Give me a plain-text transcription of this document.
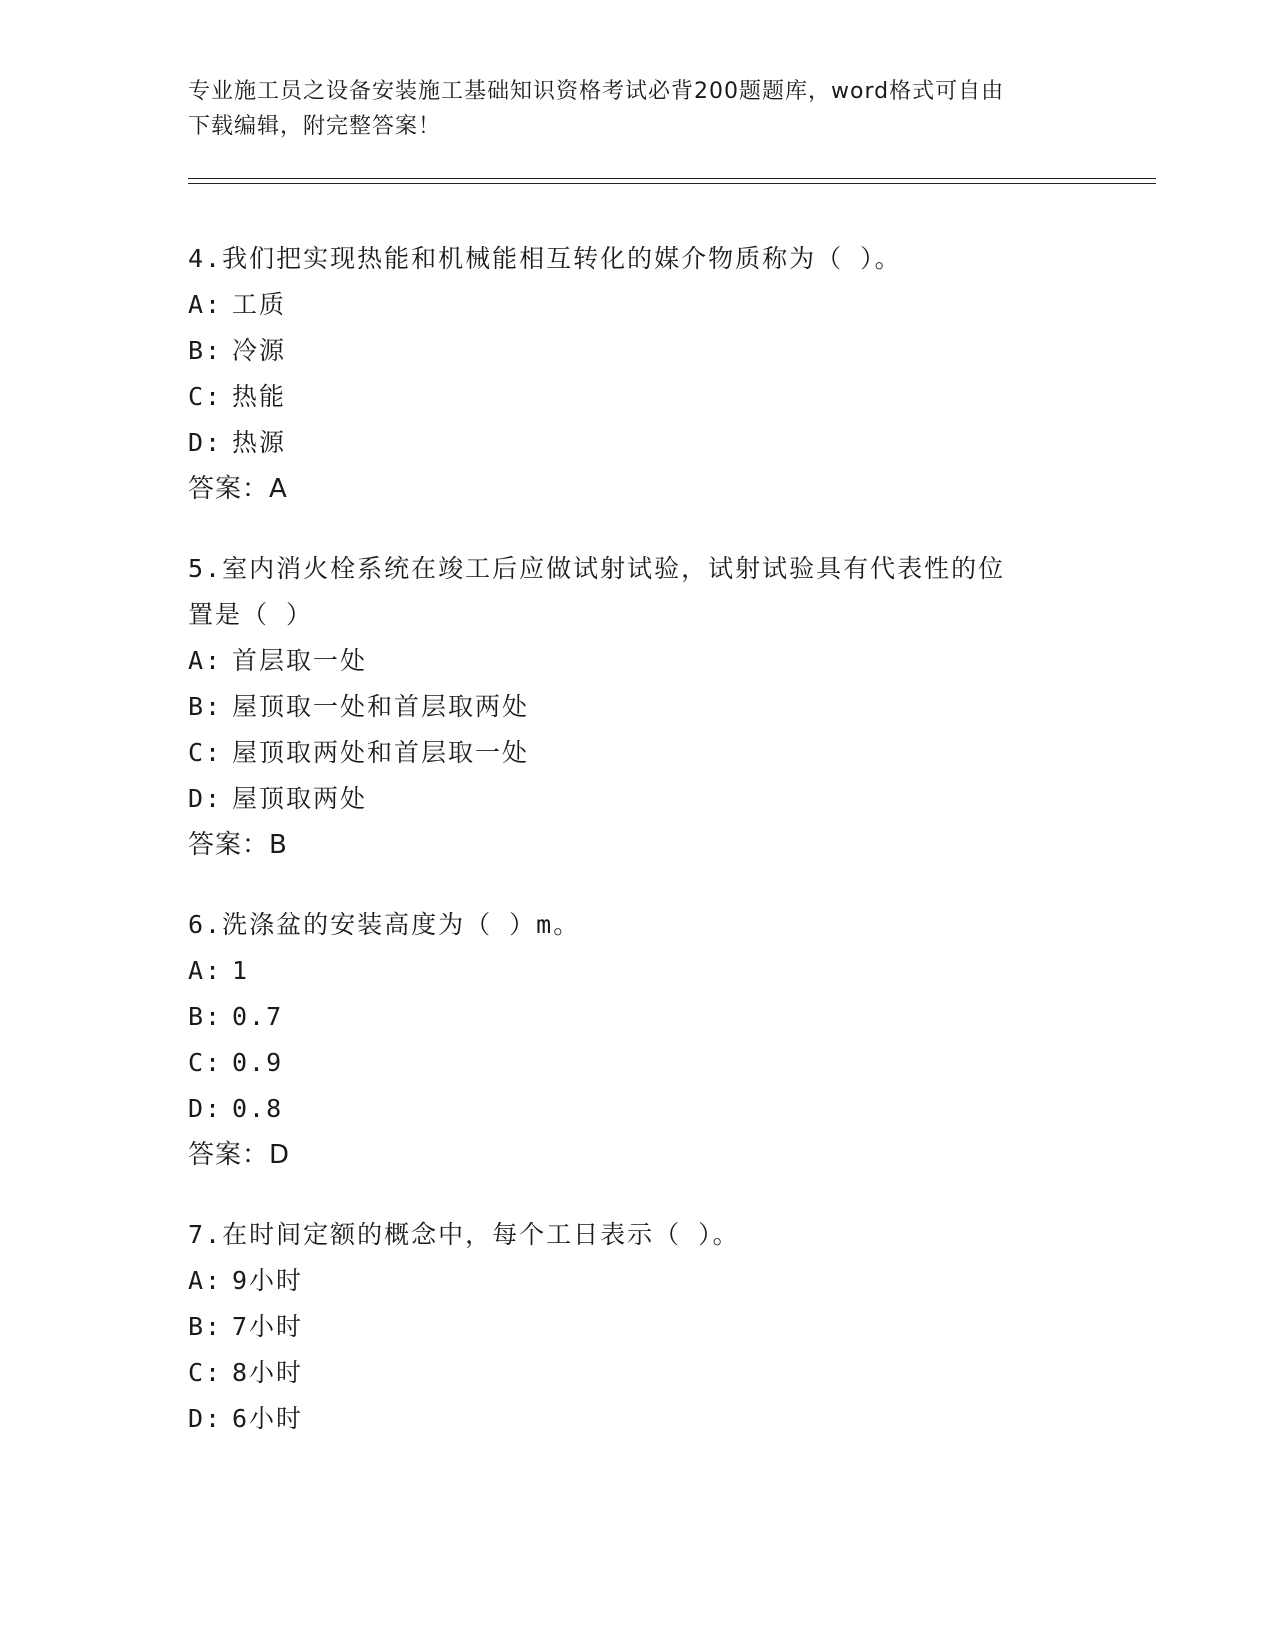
专业施工员之设备安装施工基础知识资格考试必背200题题库，word格式可自由
下载编辑，附完整答案！
4.我们把实现热能和机械能相互转化的媒介物质称为（ ）。
A: 工质
B: 冷源
C: 热能
D: 热源
答案：A
5.室内消火栓系统在竣工后应做试射试验，试射试验具有代表性的位
置是（ ）
A: 首层取一处
B: 屋顶取一处和首层取两处
C: 屋顶取两处和首层取一处
D: 屋顶取两处
答案：B
6.洗涤盆的安装高度为（ ）m。
A: 1
B: 0.7
C: 0.9
D: 0.8
答案：D
7.在时间定额的概念中，每个工日表示（ ）。
A: 9小时
B: 7小时
C: 8小时
D: 6小时
